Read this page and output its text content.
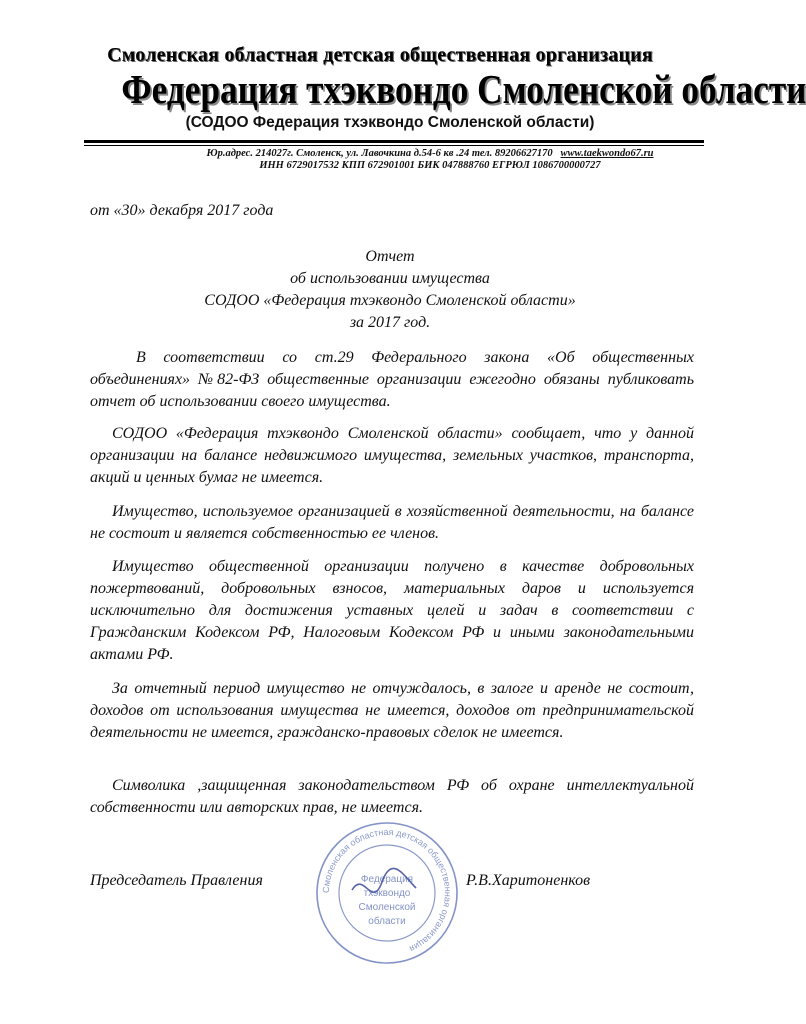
Смоленская областная детская общественная организация
Федерация тхэквондо Смоленской области
(СОДОО Федерация тхэквондо Смоленской области)
Юр.адрес. 214027г. Смоленск, ул. Лавочкина д.54-6 кв .24 тел. 89206627170 www.taekwondo67.ru
ИНН 6729017532 КПП 672901001 БИК 047888760 ЕГРЮЛ 1086700000727
от «30» декабря 2017 года
Отчет
об использовании имущества
СОДОО «Федерация тхэквондо Смоленской области»
за 2017 год.

В соответствии со ст.29 Федерального закона «Об общественных объединениях» №82-ФЗ общественные организации ежегодно обязаны публиковать отчет об использовании своего имущества.

СОДОО «Федерация тхэквондо Смоленской области» сообщает, что у данной организации на балансе недвижимого имущества, земельных участков, транспорта, акций и ценных бумаг не имеется.

Имущество, используемое организацией в хозяйственной деятельности, на балансе не состоит и является собственностью ее членов.

Имущество общественной организации получено в качестве добровольных пожертвований, добровольных взносов, материальных даров и используется исключительно для достижения уставных целей и задач в соответствии с Гражданским Кодексом РФ, Налоговым Кодексом РФ и иными законодательными актами РФ.

За отчетный период имущество не отчуждалось, в залоге и аренде не состоит, доходов от использования имущества не имеется, доходов от предпринимательской деятельности не имеется, гражданско-правовых сделок не имеется.

Символика ,защищенная законодательством РФ об охране интеллектуальной собственности или авторских прав, не имеется.

Председатель Правления	Р.В.Харитоненков
Смоленская областная детская общественная организация
Федерация
тхэквондо
Смоленской
области
